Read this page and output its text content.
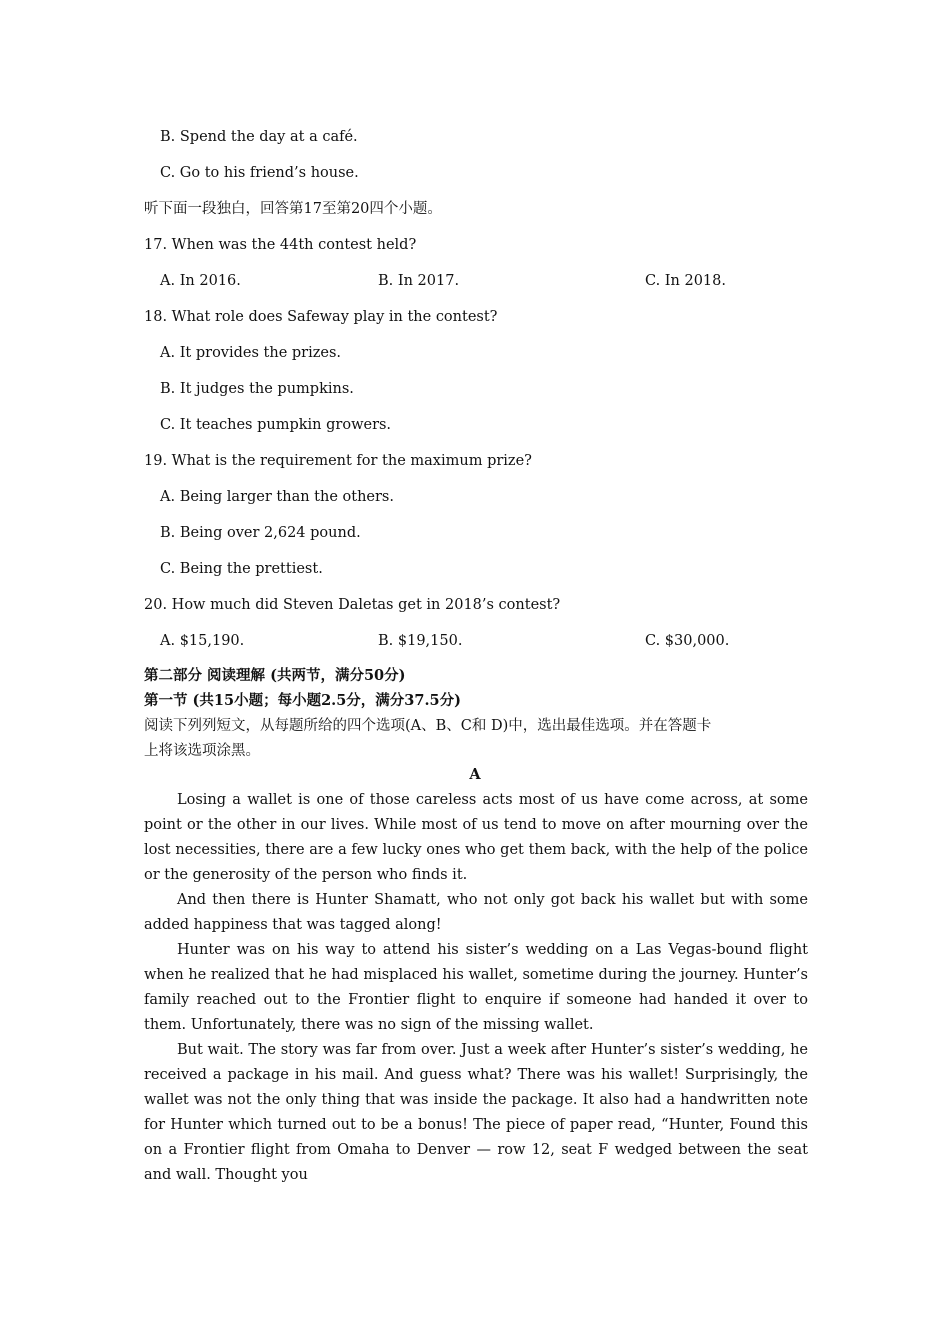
B. Spend the day at a café.
C. Go to his friend’s house.
听下面一段独白，回答第17至第20四个小题。
17. When was the 44th contest held?
A. In 2016.	B. In 2017.	C. In 2018.
18. What role does Safeway play in the contest?
A. It provides the prizes.
B. It judges the pumpkins.
C. It teaches pumpkin growers.
19. What is the requirement for the maximum prize?
A. Being larger than the others.
B. Being over 2,624 pound.
C. Being the prettiest.
20. How much did Steven Daletas get in 2018’s contest?
A. $15,190.	B. $19,150.	C. $30,000.
第二部分 阅读理解 (共两节，满分50分)
第一节 (共15小题；每小题2.5分，满分37.5分)
阅读下列列短文，从每题所给的四个选项(A、B、C和 D)中，选出最佳选项。并在答题卡
上将该选项涂黑。
A

Losing a wallet is one of those careless acts most of us have come across, at some point or the other in our lives. While most of us tend to move on after mourning over the lost necessities, there are a few lucky ones who get them back, with the help of the police or the generosity of the person who finds it.

And then there is Hunter Shamatt, who not only got back his wallet but with some added happiness that was tagged along!

Hunter was on his way to attend his sister’s wedding on a Las Vegas-bound flight when he realized that he had misplaced his wallet, sometime during the journey. Hunter’s family reached out to the Frontier flight to enquire if someone had handed it over to them. Unfortunately, there was no sign of the missing wallet.

But wait. The story was far from over. Just a week after Hunter’s sister’s wedding, he received a package in his mail. And guess what? There was his wallet! Surprisingly, the wallet was not the only thing that was inside the package. It also had a handwritten note for Hunter which turned out to be a bonus! The piece of paper read, “Hunter, Found this on a Frontier flight from Omaha to Denver — row 12, seat F wedged between the seat and wall. Thought you
